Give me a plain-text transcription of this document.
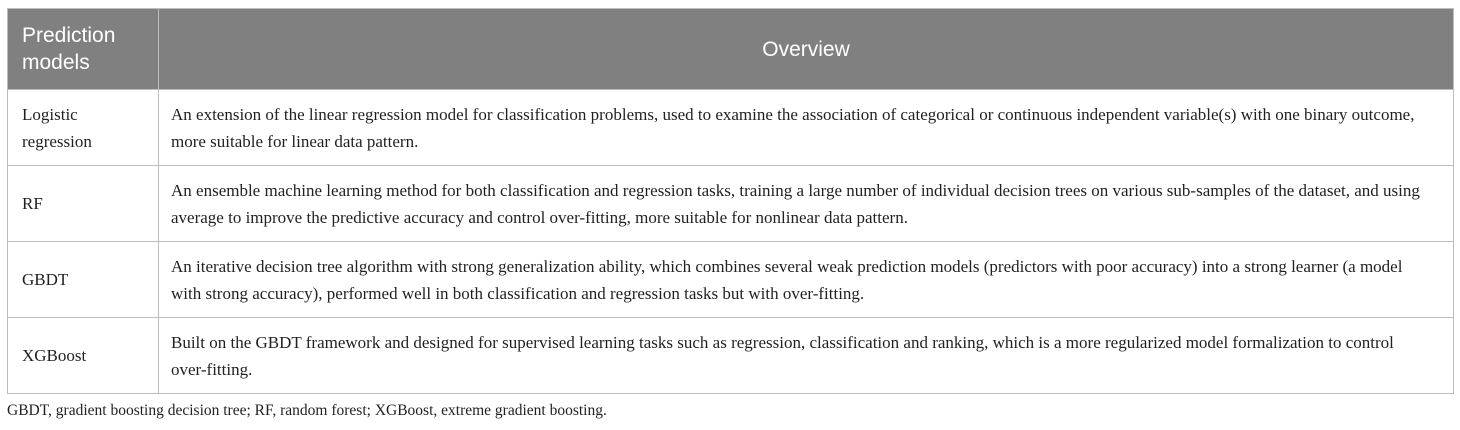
Prediction models	Overview
Logistic regression	An extension of the linear regression model for classification problems, used to examine the association of categorical or continuous independent variable(s) with one binary outcome, more suitable for linear data pattern.
RF	An ensemble machine learning method for both classification and regression tasks, training a large number of individual decision trees on various sub-samples of the dataset, and using average to improve the predictive accuracy and control over-fitting, more suitable for nonlinear data pattern.
GBDT	An iterative decision tree algorithm with strong generalization ability, which combines several weak prediction models (predictors with poor accuracy) into a strong learner (a model with strong accuracy), performed well in both classification and regression tasks but with over-fitting.
XGBoost	Built on the GBDT framework and designed for supervised learning tasks such as regression, classification and ranking, which is a more regularized model formalization to control over-fitting.
GBDT, gradient boosting decision tree; RF, random forest; XGBoost, extreme gradient boosting.
